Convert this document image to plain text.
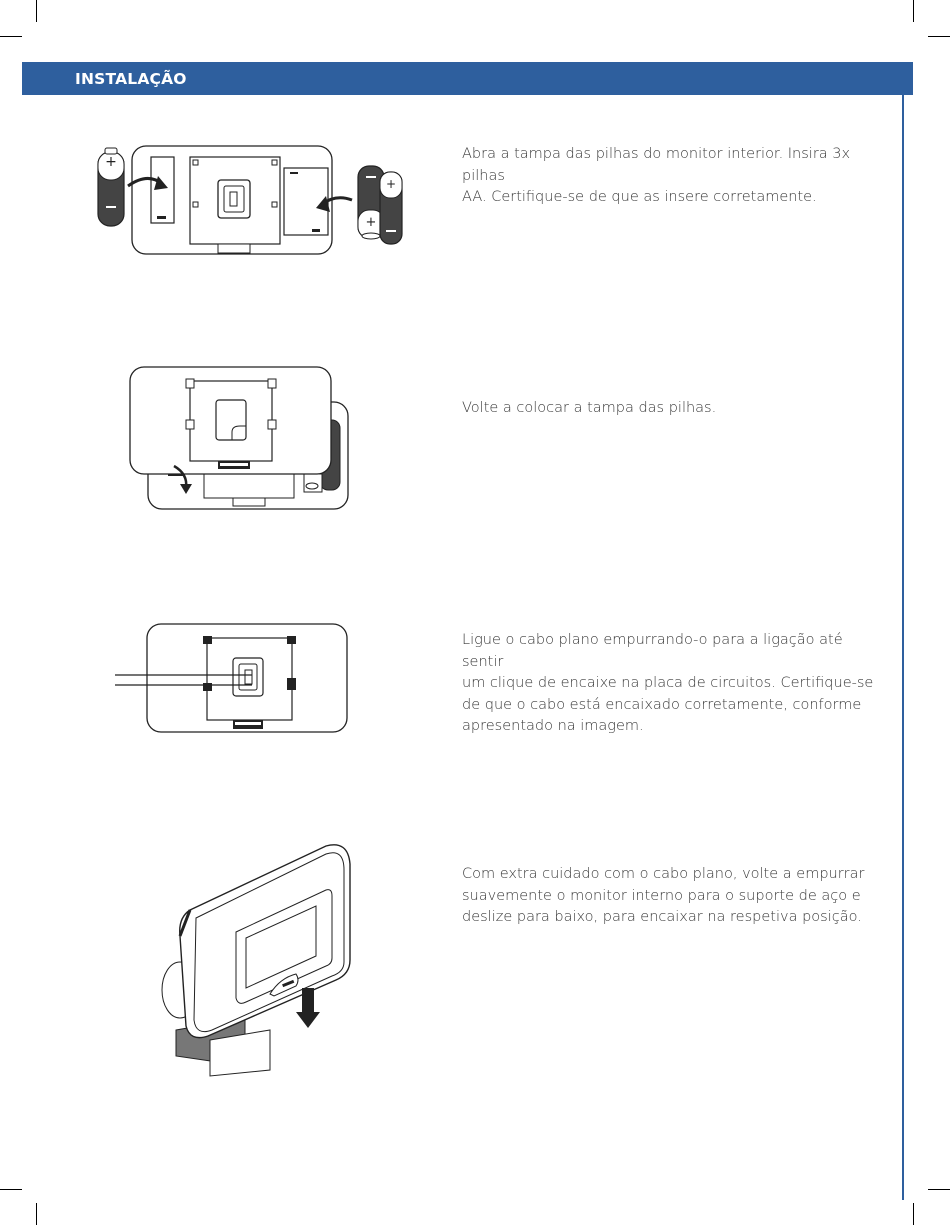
INSTALAÇÃO
+
+
+
Abra a tampa das pilhas do monitor interior. Insira 3x pilhas
AA. Certifique-se de que as insere corretamente.
Volte a colocar a tampa das pilhas.
Ligue o cabo plano empurrando-o para a ligação até sentir
um clique de encaixe na placa de circuitos. Certifique-se
de que o cabo está encaixado corretamente, conforme
apresentado na imagem.
Com extra cuidado com o cabo plano, volte a empurrar
suavemente o monitor interno para o suporte de aço e
deslize para baixo, para encaixar na respetiva posição.
